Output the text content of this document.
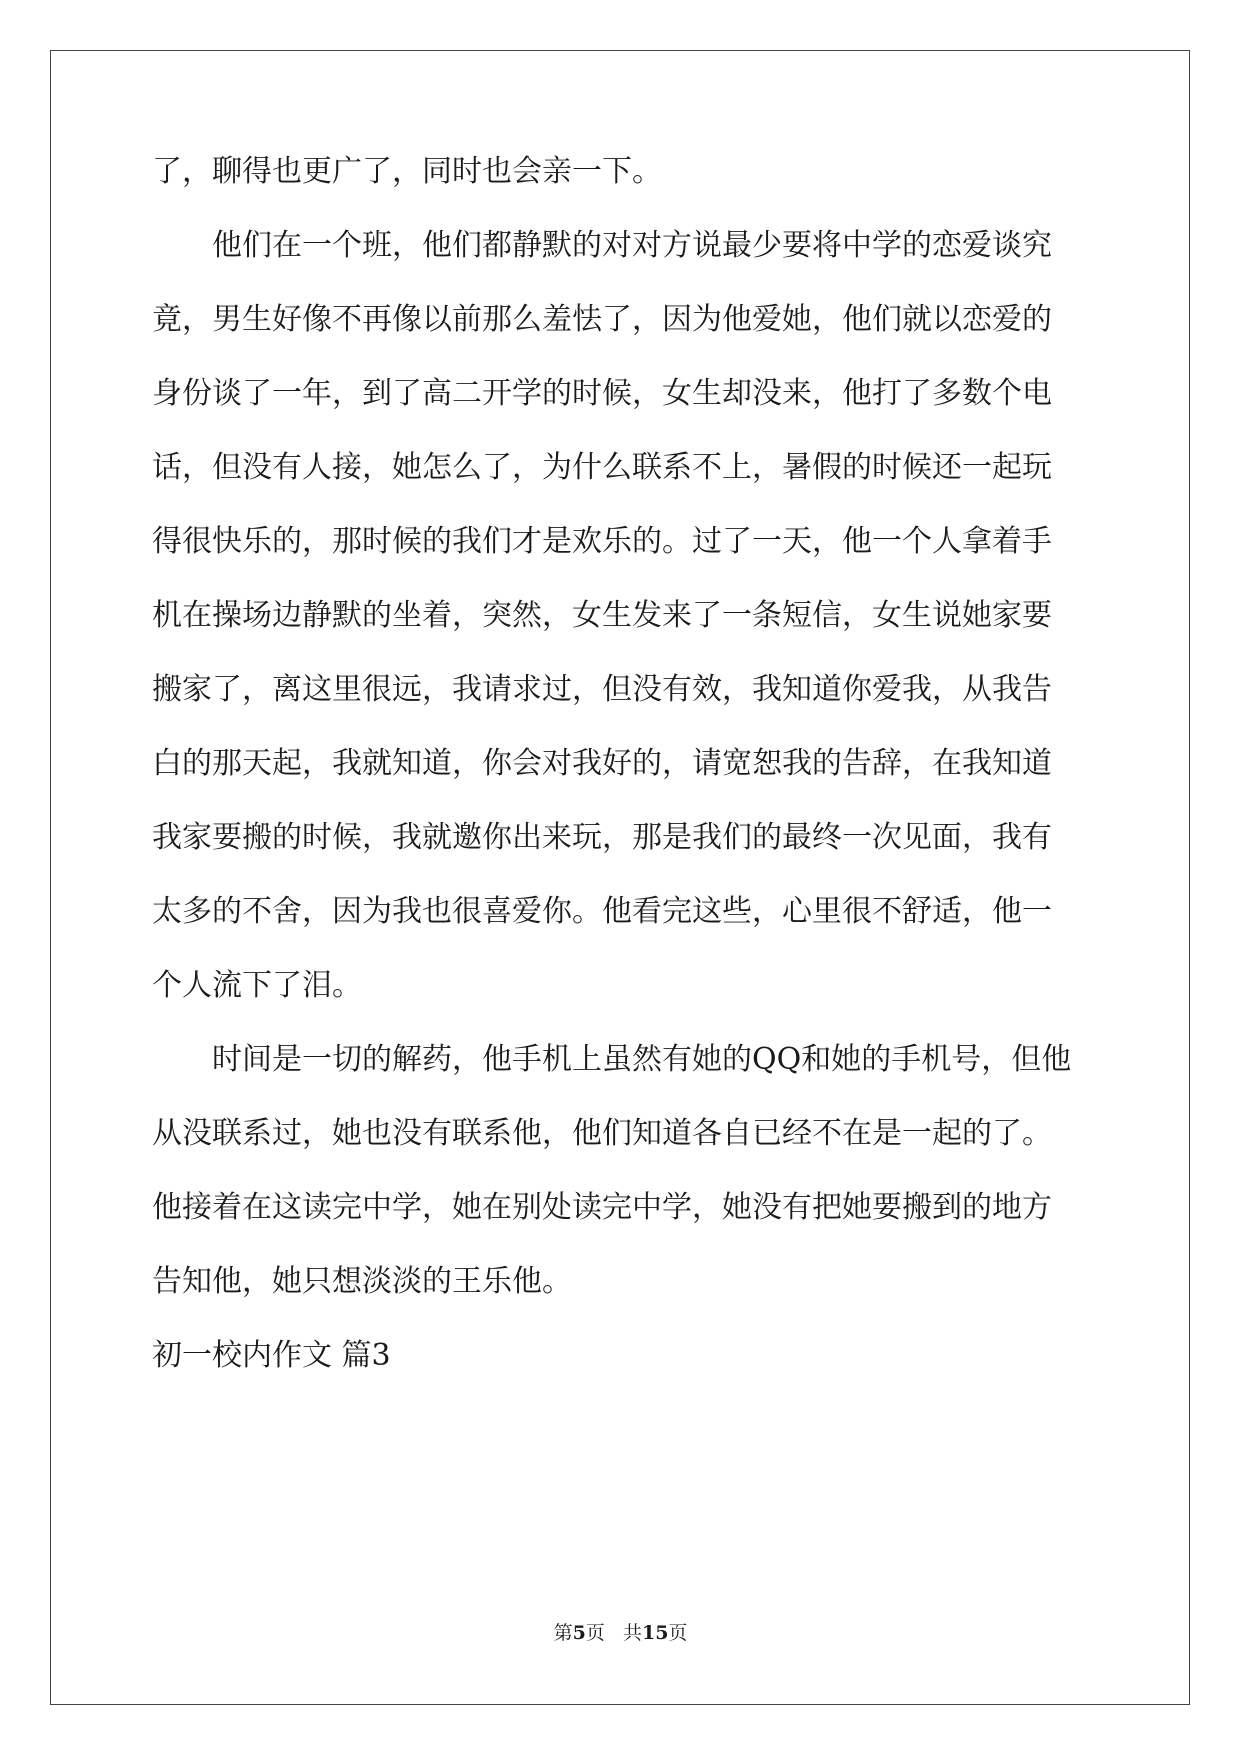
了，聊得也更广了，同时也会亲一下。
他们在一个班，他们都静默的对对方说最少要将中学的恋爱谈究
竟，男生好像不再像以前那么羞怯了，因为他爱她，他们就以恋爱的
身份谈了一年，到了高二开学的时候，女生却没来，他打了多数个电
话，但没有人接，她怎么了，为什么联系不上，暑假的时候还一起玩
得很快乐的，那时候的我们才是欢乐的。过了一天，他一个人拿着手
机在操场边静默的坐着，突然，女生发来了一条短信，女生说她家要
搬家了，离这里很远，我请求过，但没有效，我知道你爱我，从我告
白的那天起，我就知道，你会对我好的，请宽恕我的告辞，在我知道
我家要搬的时候，我就邀你出来玩，那是我们的最终一次见面，我有
太多的不舍，因为我也很喜爱你。他看完这些，心里很不舒适，他一
个人流下了泪。
时间是一切的解药，他手机上虽然有她的QQ和她的手机号，但他
从没联系过，她也没有联系他，他们知道各自已经不在是一起的了。
他接着在这读完中学，她在别处读完中学，她没有把她要搬到的地方
告知他，她只想淡淡的王乐他。
初一校内作文 篇3
第5页 共15页
